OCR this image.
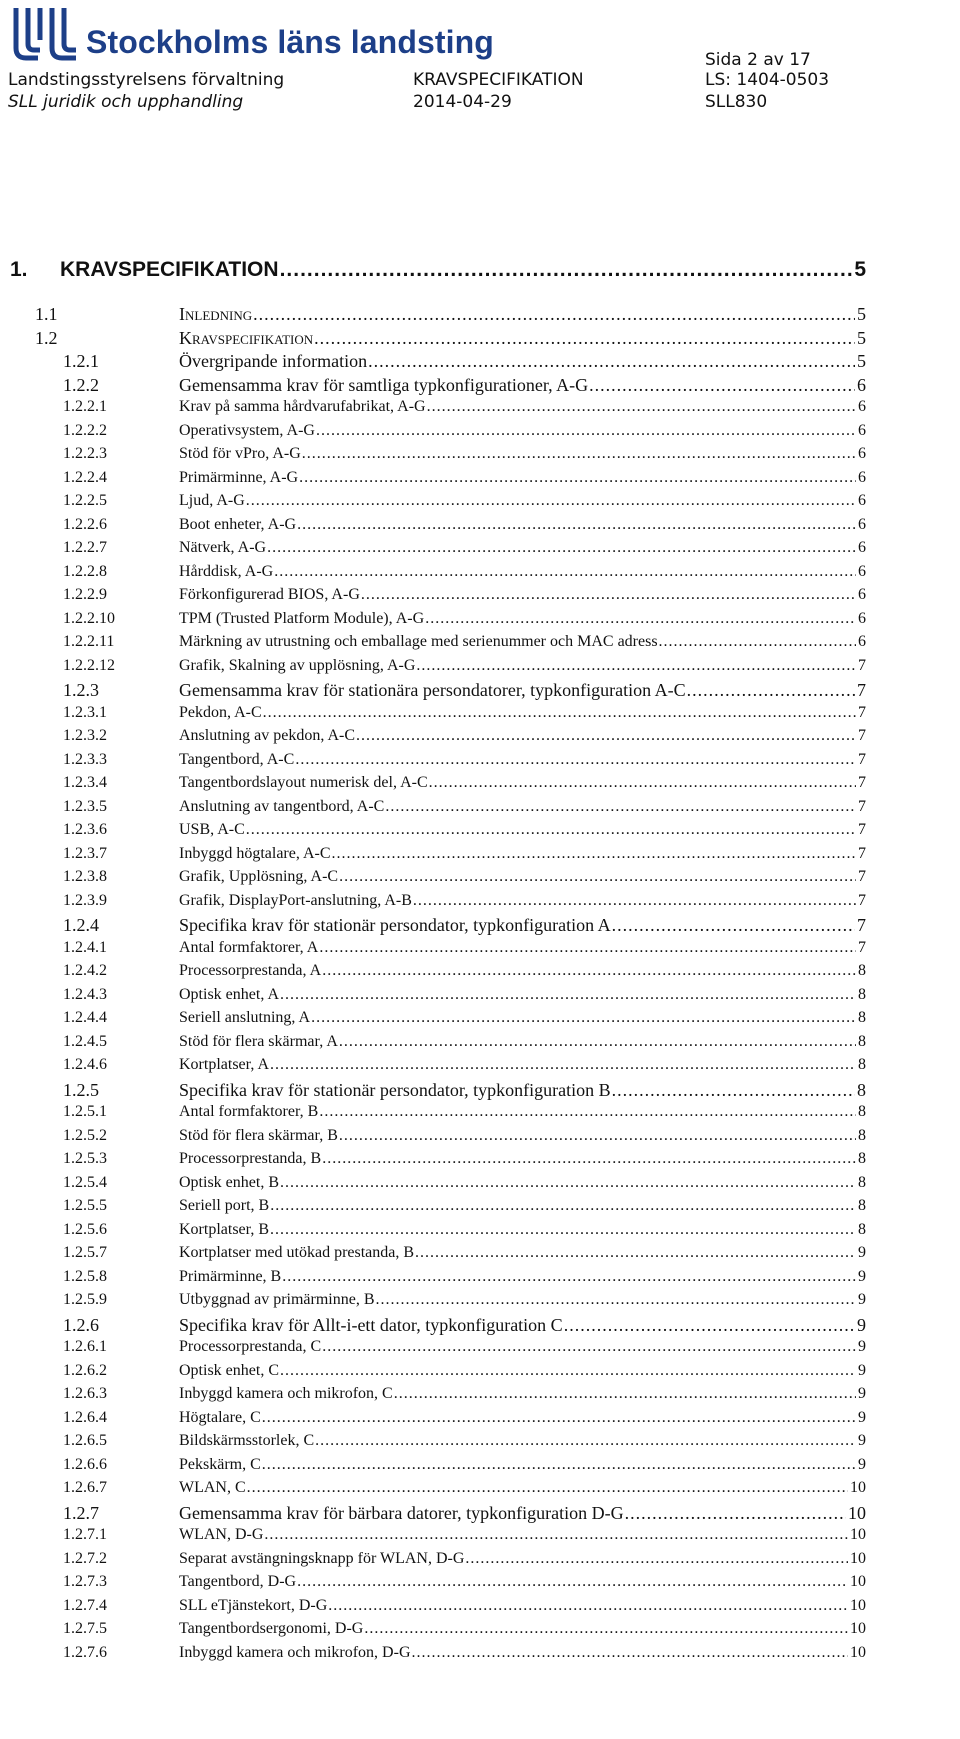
Stockholms läns landsting	Sida 2 av 17
Landstingsstyrelsens förvaltning	KRAVSPECIFIKATION	LS: 1404-0503
SLL juridik och upphandling	2014-04-29	SLL830
1. KRAVSPECIFIKATION .....	5
1.1	INLEDNING .....	5
1.2	KRAVSPECIFIKATION .....	5
1.2.1	Övergripande information .....	5
1.2.2	Gemensamma krav för samtliga typkonfigurationer, A-G .....	6
1.2.2.1	Krav på samma hårdvarufabrikat, A-G .....	6
1.2.2.2	Operativsystem, A-G .....	6
1.2.2.3	Stöd för vPro, A-G .....	6
1.2.2.4	Primärminne, A-G .....	6
1.2.2.5	Ljud, A-G .....	6
1.2.2.6	Boot enheter, A-G .....	6
1.2.2.7	Nätverk, A-G .....	6
1.2.2.8	Hårddisk, A-G .....	6
1.2.2.9	Förkonfigurerad BIOS, A-G .....	6
1.2.2.10	TPM (Trusted Platform Module), A-G .....	6
1.2.2.11	Märkning av utrustning och emballage med serienummer och MAC adress .....	6
1.2.2.12	Grafik, Skalning av upplösning, A-G .....	7
1.2.3	Gemensamma krav för stationära persondatorer, typkonfiguration A-C .....	7
1.2.3.1	Pekdon, A-C .....	7
1.2.3.2	Anslutning av pekdon, A-C .....	7
1.2.3.3	Tangentbord, A-C .....	7
1.2.3.4	Tangentbordslayout numerisk del, A-C .....	7
1.2.3.5	Anslutning av tangentbord, A-C .....	7
1.2.3.6	USB, A-C .....	7
1.2.3.7	Inbyggd högtalare, A-C .....	7
1.2.3.8	Grafik, Upplösning, A-C .....	7
1.2.3.9	Grafik, DisplayPort-anslutning, A-B .....	7
1.2.4	Specifika krav för stationär persondator, typkonfiguration A .....	7
1.2.4.1	Antal formfaktorer, A .....	7
1.2.4.2	Processorprestanda, A .....	8
1.2.4.3	Optisk enhet, A .....	8
1.2.4.4	Seriell anslutning, A .....	8
1.2.4.5	Stöd för flera skärmar, A .....	8
1.2.4.6	Kortplatser, A .....	8
1.2.5	Specifika krav för stationär persondator, typkonfiguration B .....	8
1.2.5.1	Antal formfaktorer, B .....	8
1.2.5.2	Stöd för flera skärmar, B .....	8
1.2.5.3	Processorprestanda, B .....	8
1.2.5.4	Optisk enhet, B .....	8
1.2.5.5	Seriell port, B .....	8
1.2.5.6	Kortplatser, B .....	8
1.2.5.7	Kortplatser med utökad prestanda, B .....	9
1.2.5.8	Primärminne, B .....	9
1.2.5.9	Utbyggnad av primärminne, B .....	9
1.2.6	Specifika krav för Allt-i-ett dator, typkonfiguration C .....	9
1.2.6.1	Processorprestanda, C .....	9
1.2.6.2	Optisk enhet, C .....	9
1.2.6.3	Inbyggd kamera och mikrofon, C .....	9
1.2.6.4	Högtalare, C .....	9
1.2.6.5	Bildskärmsstorlek, C .....	9
1.2.6.6	Pekskärm, C .....	9
1.2.6.7	WLAN, C .....	10
1.2.7	Gemensamma krav för bärbara datorer, typkonfiguration D-G .....	10
1.2.7.1	WLAN, D-G .....	10
1.2.7.2	Separat avstängningsknapp för WLAN, D-G .....	10
1.2.7.3	Tangentbord, D-G .....	10
1.2.7.4	SLL eTjänstekort, D-G .....	10
1.2.7.5	Tangentbordsergonomi, D-G .....	10
1.2.7.6	Inbyggd kamera och mikrofon, D-G .....	10
